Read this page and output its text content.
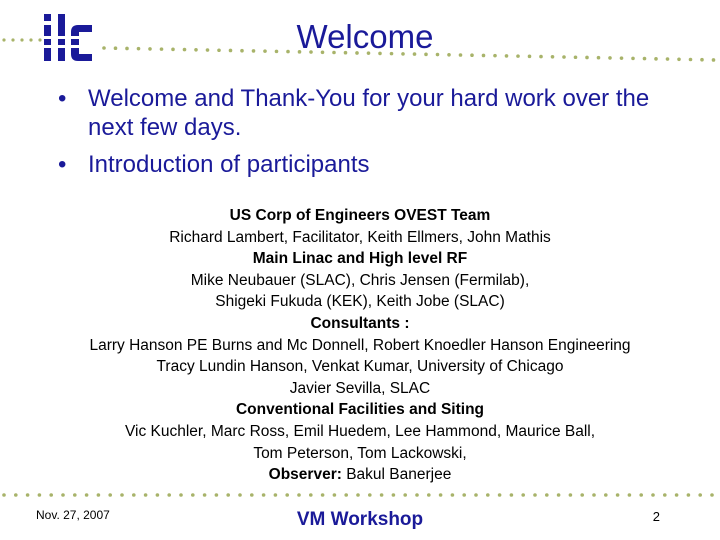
Welcome
• Welcome and Thank-You for your hard work over the next few days.
• Introduction of participants
US Corp of Engineers OVEST Team
Richard Lambert, Facilitator, Keith Ellmers, John Mathis
Main Linac and High level RF
Mike Neubauer (SLAC), Chris Jensen (Fermilab),
Shigeki Fukuda (KEK), Keith Jobe (SLAC)
Consultants :
Larry Hanson PE Burns and Mc Donnell, Robert Knoedler Hanson Engineering
Tracy Lundin Hanson, Venkat Kumar, University of Chicago
Javier Sevilla, SLAC
Conventional Facilities and Siting
Vic Kuchler, Marc Ross, Emil Huedem, Lee Hammond, Maurice Ball,
Tom Peterson, Tom Lackowski,
Observer: Bakul Banerjee
Nov. 27, 2007	VM Workshop	2
